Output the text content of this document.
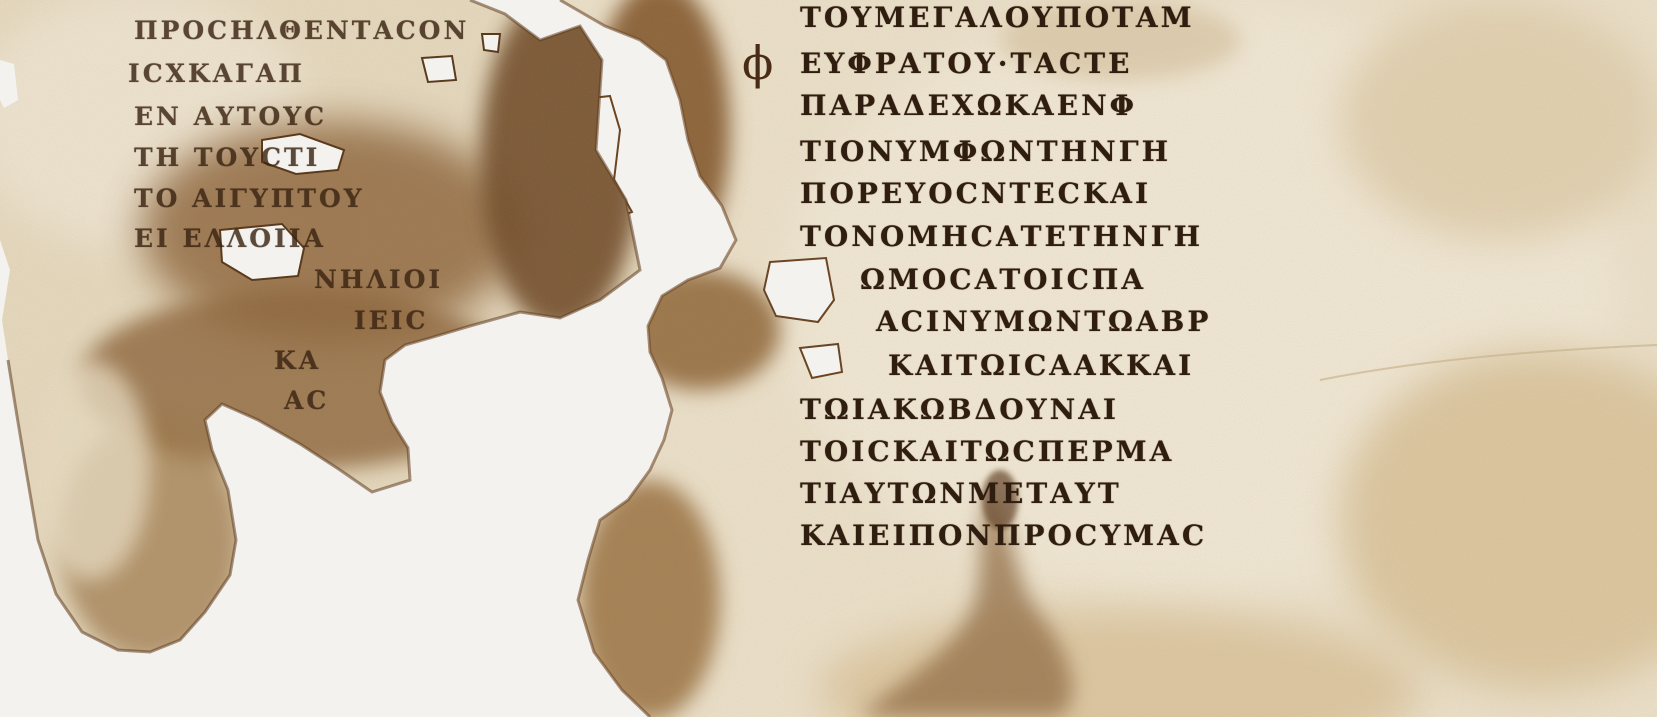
ΠΡΟϹΗΛΘΕΝΤΑϹΟΝ
ΙϹΧΚΑΓΑΠ
ΕΝ ΑΥΤΟΥϹ
ΤΗ ΤΟΥϹΤΙ
ΤΟ ΑΙΓΥΠΤΟΥ
ΕΙ ΕΛΛΟΙΙΑ
ΝΗΛΙΟΙ
ΙΕΙϹ
ΚΑ
ΑϹ
ϕ
ΤΟΥΜΕΓΑΛΟΥΠΟΤΑΜ
ΕΥΦΡΑΤΟΥ·ΤΑϹΤΕ
ΠΑΡΑΔΕΧΩΚΑΕΝΦ
ΤΙΟΝΥΜΦΩΝΤΗΝΓΗ
ΠΟΡΕΥΟϹΝΤΕϹΚΑΙ
ΤΟΝΟΜΗϹΑΤΕΤΗΝΓΗ
ΩΜΟϹΑΤΟΙϹΠΑ
ΑϹΙΝΥΜΩΝΤΩΑΒΡ
ΚΑΙΤΩΙϹΑΑΚΚΑΙ
ΤΩΙΑΚΩΒΔΟΥΝΑΙ
ΤΟΙϹΚΑΙΤΩϹΠΕΡΜΑ
ΤΙΑΥΤΩΝΜΕΤΑΥΤ
ΚΑΙΕΙΠΟΝΠΡΟϹΥΜΑϹ
